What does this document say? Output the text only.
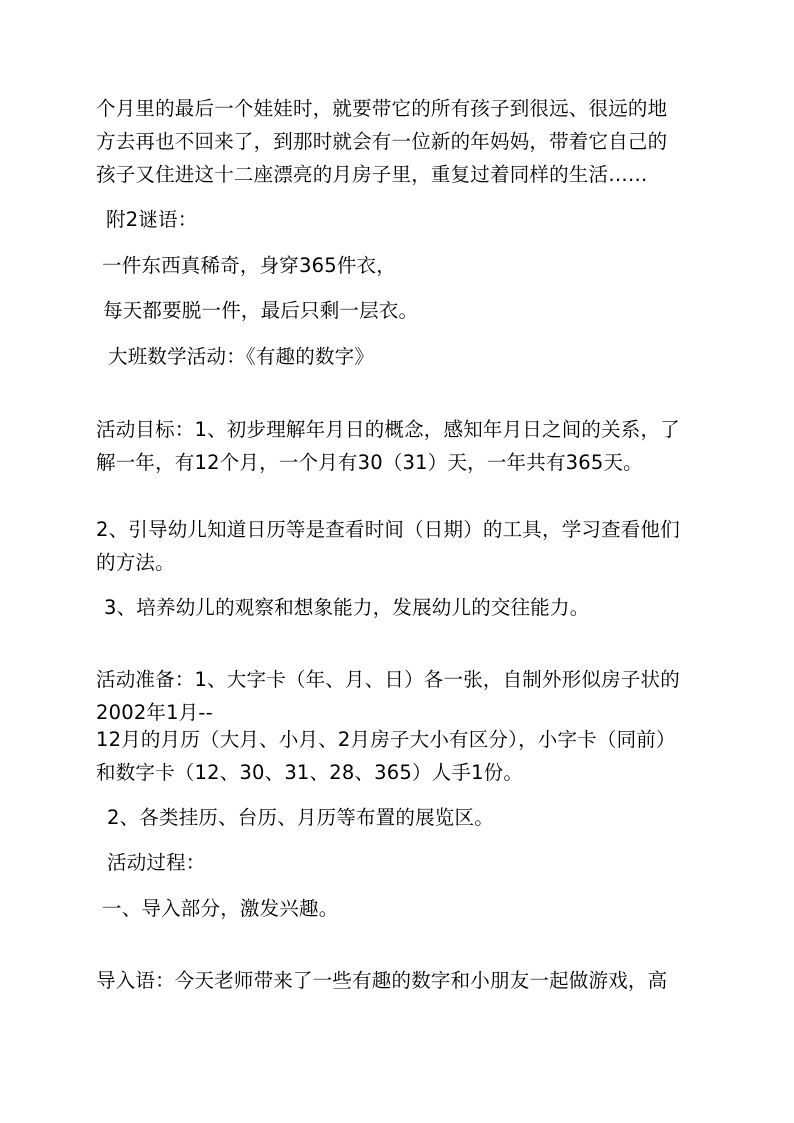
个月里的最后一个娃娃时，就要带它的所有孩子到很远、很远的地
方去再也不回来了，到那时就会有一位新的年妈妈，带着它自己的
孩子又住进这十二座漂亮的月房子里，重复过着同样的生活……
附2谜语：
一件东西真稀奇，身穿365件衣，
每天都要脱一件，最后只剩一层衣。
大班数学活动：《有趣的数字》
活动目标：1、初步理解年月日的概念，感知年月日之间的关系，了
解一年，有12个月，一个月有30（31）天，一年共有365天。
2、引导幼儿知道日历等是查看时间（日期）的工具，学习查看他们
的方法。
3、培养幼儿的观察和想象能力，发展幼儿的交往能力。
活动准备：1、大字卡（年、月、日）各一张，自制外形似房子状的
2002年1月--
12月的月历（大月、小月、2月房子大小有区分），小字卡（同前）
和数字卡（12、30、31、28、365）人手1份。
2、各类挂历、台历、月历等布置的展览区。
活动过程：
一、导入部分，激发兴趣。
导入语：今天老师带来了一些有趣的数字和小朋友一起做游戏，高
